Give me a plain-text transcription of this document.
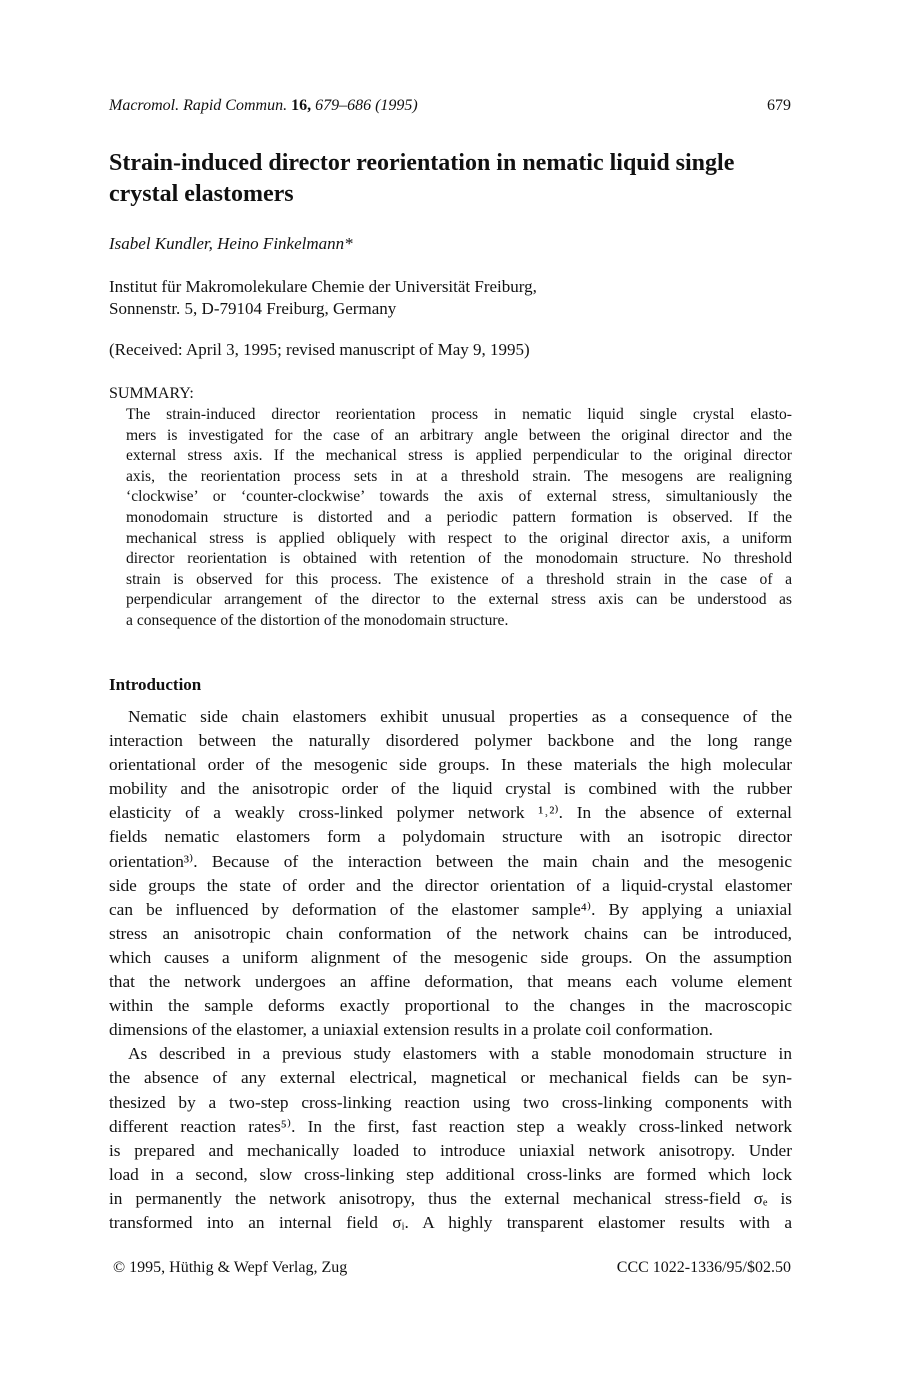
Macromol. Rapid Commun. 16, 679–686 (1995)	679
Strain-induced director reorientation in nematic liquid single
crystal elastomers
Isabel Kundler, Heino Finkelmann*
Institut für Makromolekulare Chemie der Universität Freiburg,
Sonnenstr. 5, D-79104 Freiburg, Germany
(Received: April 3, 1995; revised manuscript of May 9, 1995)
SUMMARY:
The strain-induced director reorientation process in nematic liquid single crystal elasto-
mers is investigated for the case of an arbitrary angle between the original director and the
external stress axis. If the mechanical stress is applied perpendicular to the original director
axis, the reorientation process sets in at a threshold strain. The mesogens are realigning
‘clockwise’ or ‘counter-clockwise’ towards the axis of external stress, simultaniously the
monodomain structure is distorted and a periodic pattern formation is observed. If the
mechanical stress is applied obliquely with respect to the original director axis, a uniform
director reorientation is obtained with retention of the monodomain structure. No threshold
strain is observed for this process. The existence of a threshold strain in the case of a
perpendicular arrangement of the director to the external stress axis can be understood as
a consequence of the distortion of the monodomain structure.
Introduction
Nematic side chain elastomers exhibit unusual properties as a consequence of the
interaction between the naturally disordered polymer backbone and the long range
orientational order of the mesogenic side groups. In these materials the high molecular
mobility and the anisotropic order of the liquid crystal is combined with the rubber
elasticity of a weakly cross-linked polymer network ¹˒²⁾. In the absence of external
fields nematic elastomers form a polydomain structure with an isotropic director
orientation³⁾. Because of the interaction between the main chain and the mesogenic
side groups the state of order and the director orientation of a liquid-crystal elastomer
can be influenced by deformation of the elastomer sample⁴⁾. By applying a uniaxial
stress an anisotropic chain conformation of the network chains can be introduced,
which causes a uniform alignment of the mesogenic side groups. On the assumption
that the network undergoes an affine deformation, that means each volume element
within the sample deforms exactly proportional to the changes in the macroscopic
dimensions of the elastomer, a uniaxial extension results in a prolate coil conformation.
As described in a previous study elastomers with a stable monodomain structure in
the absence of any external electrical, magnetical or mechanical fields can be syn-
thesized by a two-step cross-linking reaction using two cross-linking components with
different reaction rates⁵⁾. In the first, fast reaction step a weakly cross-linked network
is prepared and mechanically loaded to introduce uniaxial network anisotropy. Under
load in a second, slow cross-linking step additional cross-links are formed which lock
in permanently the network anisotropy, thus the external mechanical stress-field σₑ is
transformed into an internal field σᵢ. A highly transparent elastomer results with a
© 1995, Hüthig & Wepf Verlag, Zug	CCC 1022-1336/95/$02.50
